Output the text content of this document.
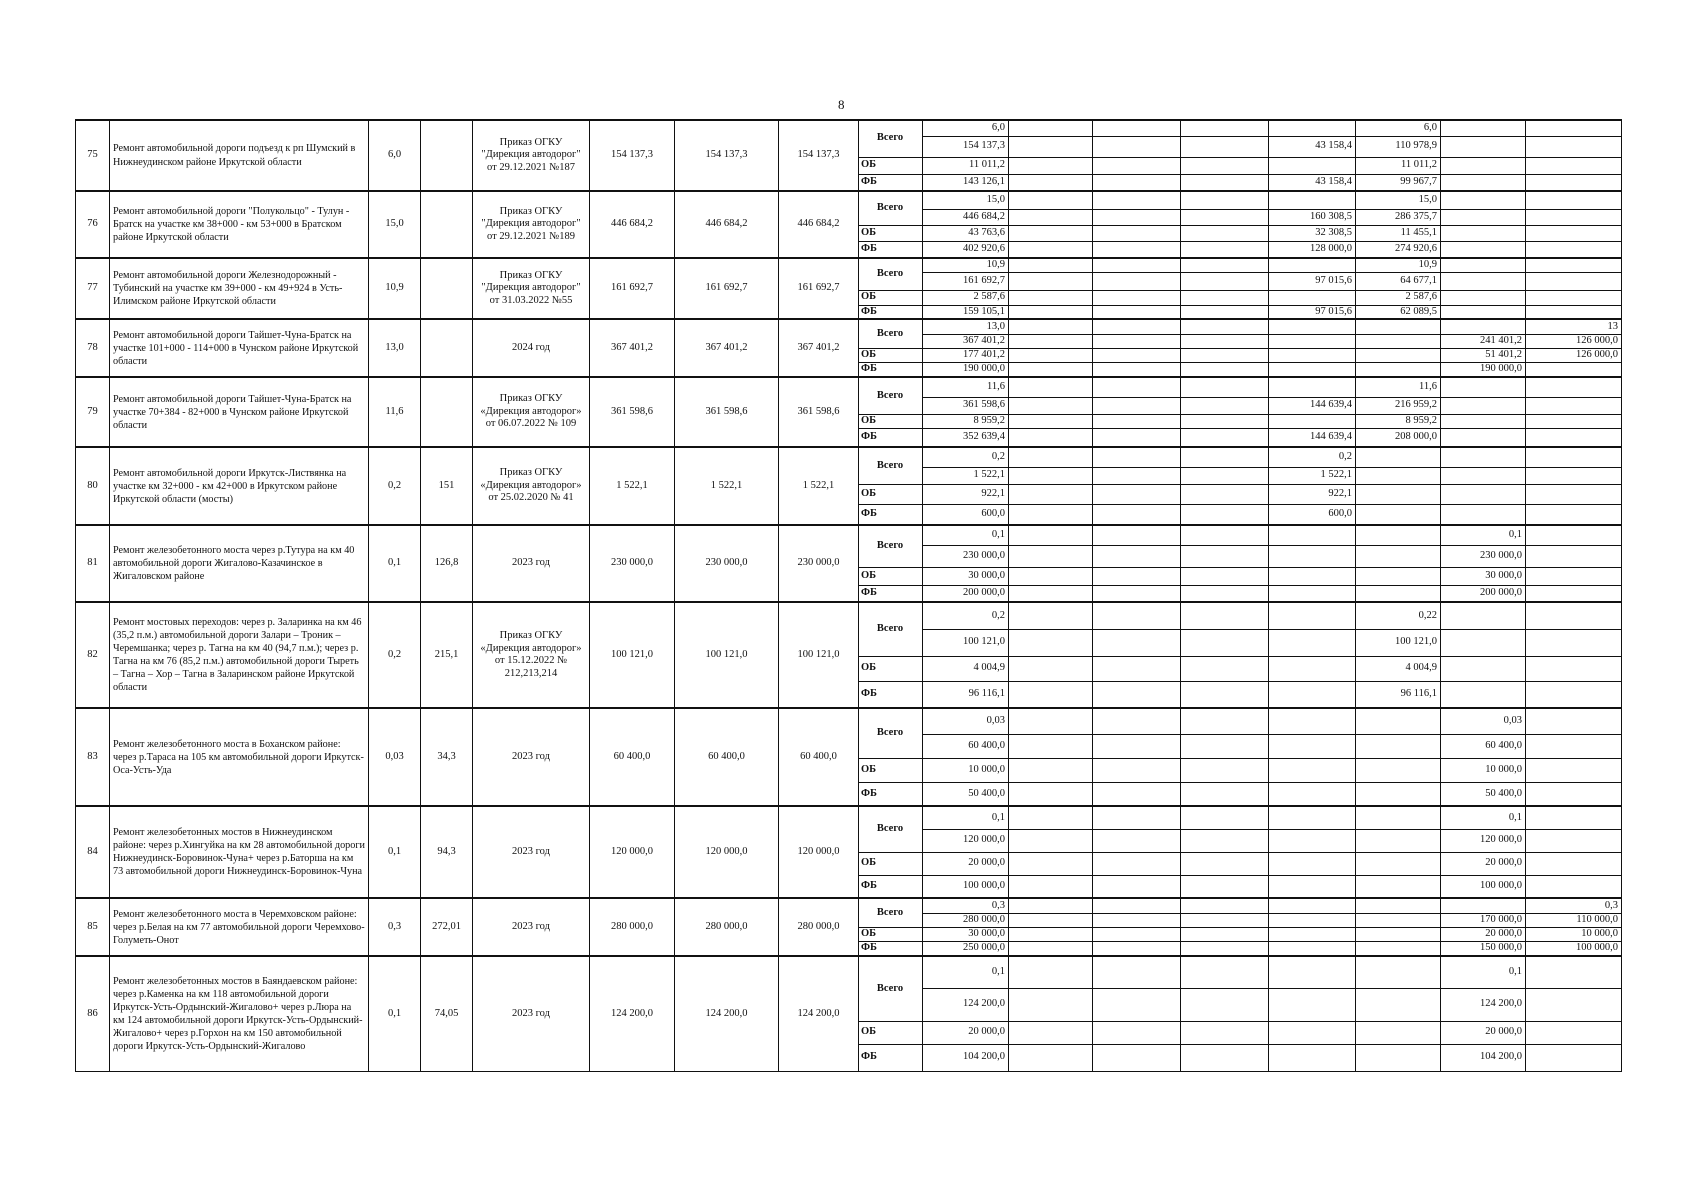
8
75	Ремонт автомобильной дороги подъезд к рп Шумский в Нижнеудинском районе Иркутской области	6,0		Приказ ОГКУ "Дирекция автодорог" от 29.12.2021 №187	154 137,3	154 137,3	154 137,3	Всего	6,0					6,0		
									154 137,3				43 158,4	110 978,9		
								ОБ	11 011,2					11 011,2		
								ФБ	143 126,1				43 158,4	99 967,7		
76	Ремонт автомобильной дороги "Полукольцо" - Тулун - Братск на участке км 38+000 - км 53+000 в Братском районе Иркутской области	15,0		Приказ ОГКУ "Дирекция автодорог" от 29.12.2021 №189	446 684,2	446 684,2	446 684,2	Всего	15,0					15,0		
									446 684,2				160 308,5	286 375,7		
								ОБ	43 763,6				32 308,5	11 455,1		
								ФБ	402 920,6				128 000,0	274 920,6		
77	Ремонт автомобильной дороги Железнодорожный - Тубинский на участке км 39+000 - км 49+924 в Усть-Илимском районе Иркутской области	10,9		Приказ ОГКУ "Дирекция автодорог" от 31.03.2022 №55	161 692,7	161 692,7	161 692,7	Всего	10,9					10,9		
									161 692,7				97 015,6	64 677,1		
								ОБ	2 587,6					2 587,6		
								ФБ	159 105,1				97 015,6	62 089,5		
78	Ремонт автомобильной дороги Тайшет-Чуна-Братск на участке 101+000 - 114+000 в Чунском районе Иркутской области	13,0		2024 год	367 401,2	367 401,2	367 401,2	Всего	13,0							13
									367 401,2						241 401,2	126 000,0
								ОБ	177 401,2						51 401,2	126 000,0
								ФБ	190 000,0						190 000,0	
79	Ремонт автомобильной дороги Тайшет-Чуна-Братск на участке 70+384 - 82+000 в Чунском районе Иркутской области	11,6		Приказ ОГКУ «Дирекция автодорог» от 06.07.2022 № 109	361 598,6	361 598,6	361 598,6	Всего	11,6					11,6		
									361 598,6				144 639,4	216 959,2		
								ОБ	8 959,2					8 959,2		
								ФБ	352 639,4				144 639,4	208 000,0		
80	Ремонт автомобильной дороги Иркутск-Листвянка на участке км 32+000 - км 42+000 в Иркутском районе Иркутской области (мосты)	0,2	151	Приказ ОГКУ «Дирекция автодорог» от 25.02.2020 № 41	1 522,1	1 522,1	1 522,1	Всего	0,2				0,2			
									1 522,1				1 522,1			
								ОБ	922,1				922,1			
								ФБ	600,0				600,0			
81	Ремонт железобетонного моста через р.Тутура на км 40 автомобильной дороги Жигалово-Казачинское в Жигаловском районе	0,1	126,8	2023 год	230 000,0	230 000,0	230 000,0	Всего	0,1						0,1	
									230 000,0						230 000,0	
								ОБ	30 000,0						30 000,0	
								ФБ	200 000,0						200 000,0	
82	Ремонт мостовых переходов: через р. Заларинка на км 46 (35,2 п.м.) автомобильной дороги Залари – Троник – Черемшанка; через р. Тагна на км 40 (94,7 п.м.); через р. Тагна на км 76 (85,2 п.м.) автомобильной дороги Тыреть – Тагна – Хор – Тагна в Заларинском районе Иркутской области	0,2	215,1	Приказ ОГКУ «Дирекция автодорог» от 15.12.2022 № 212,213,214	100 121,0	100 121,0	100 121,0	Всего	0,2					0,22		
									100 121,0					100 121,0		
								ОБ	4 004,9					4 004,9		
								ФБ	96 116,1					96 116,1		
83	Ремонт железобетонного моста в Боханском районе: через р.Тараса на 105 км автомобильной дороги Иркутск-Оса-Усть-Уда	0,03	34,3	2023 год	60 400,0	60 400,0	60 400,0	Всего	0,03						0,03	
									60 400,0						60 400,0	
								ОБ	10 000,0						10 000,0	
								ФБ	50 400,0						50 400,0	
84	Ремонт железобетонных мостов в Нижнеудинском районе: через р.Хингуйка на км 28 автомобильной дороги Нижнеудинск-Боровинок-Чуна+ через р.Баторша на км 73 автомобильной дороги Нижнеудинск-Боровинок-Чуна	0,1	94,3	2023 год	120 000,0	120 000,0	120 000,0	Всего	0,1						0,1	
									120 000,0						120 000,0	
								ОБ	20 000,0						20 000,0	
								ФБ	100 000,0						100 000,0	
85	Ремонт железобетонного моста в Черемховском районе: через р.Белая на км 77 автомобильной дороги Черемхово-Голуметь-Онот	0,3	272,01	2023 год	280 000,0	280 000,0	280 000,0	Всего	0,3							0,3
									280 000,0						170 000,0	110 000,0
								ОБ	30 000,0						20 000,0	10 000,0
								ФБ	250 000,0						150 000,0	100 000,0
86	Ремонт железобетонных мостов в Баяндаевском районе: через р.Каменка на км 118 автомобильной дороги Иркутск-Усть-Ордынский-Жигалово+ через р.Люра на км 124 автомобильной дороги Иркутск-Усть-Ордынский-Жигалово+ через р.Горхон на км 150 автомобильной дороги Иркутск-Усть-Ордынский-Жигалово	0,1	74,05	2023 год	124 200,0	124 200,0	124 200,0	Всего	0,1						0,1	
									124 200,0						124 200,0	
								ОБ	20 000,0						20 000,0	
								ФБ	104 200,0						104 200,0	
